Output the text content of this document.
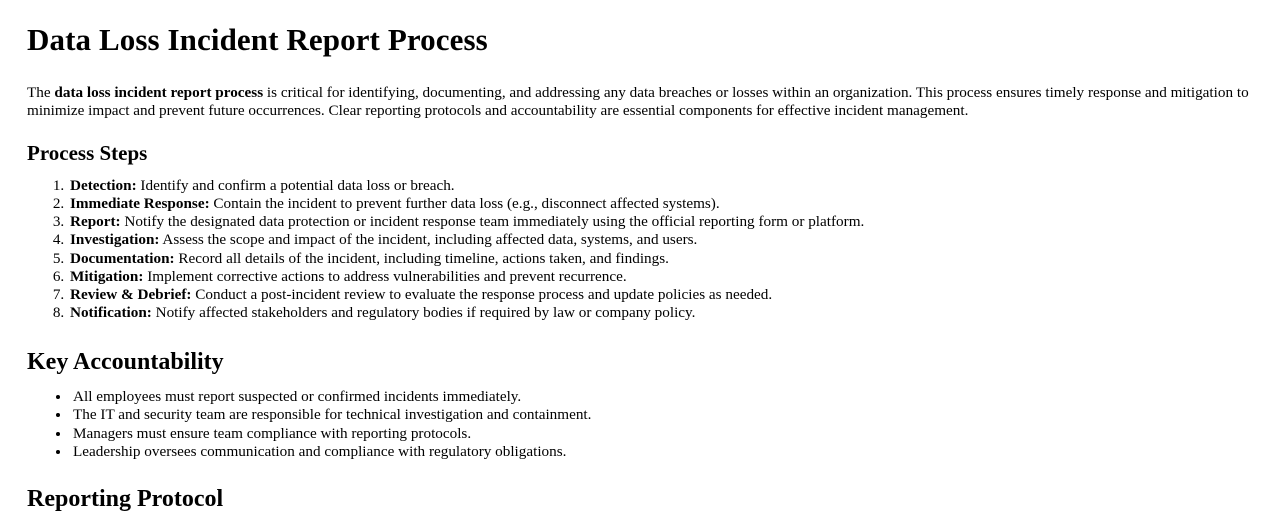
Data Loss Incident Report Process

The data loss incident report process is critical for identifying, documenting, and addressing any data breaches or losses within an organization. This process ensures timely response and mitigation to minimize impact and prevent future occurrences. Clear reporting protocols and accountability are essential components for effective incident management.

Process Steps
1. Detection: Identify and confirm a potential data loss or breach.
2. Immediate Response: Contain the incident to prevent further data loss (e.g., disconnect affected systems).
3. Report: Notify the designated data protection or incident response team immediately using the official reporting form or platform.
4. Investigation: Assess the scope and impact of the incident, including affected data, systems, and users.
5. Documentation: Record all details of the incident, including timeline, actions taken, and findings.
6. Mitigation: Implement corrective actions to address vulnerabilities and prevent recurrence.
7. Review & Debrief: Conduct a post-incident review to evaluate the response process and update policies as needed.
8. Notification: Notify affected stakeholders and regulatory bodies if required by law or company policy.
Key Accountability
• All employees must report suspected or confirmed incidents immediately.
• The IT and security team are responsible for technical investigation and containment.
• Managers must ensure team compliance with reporting protocols.
• Leadership oversees communication and compliance with regulatory obligations.
Reporting Protocol
